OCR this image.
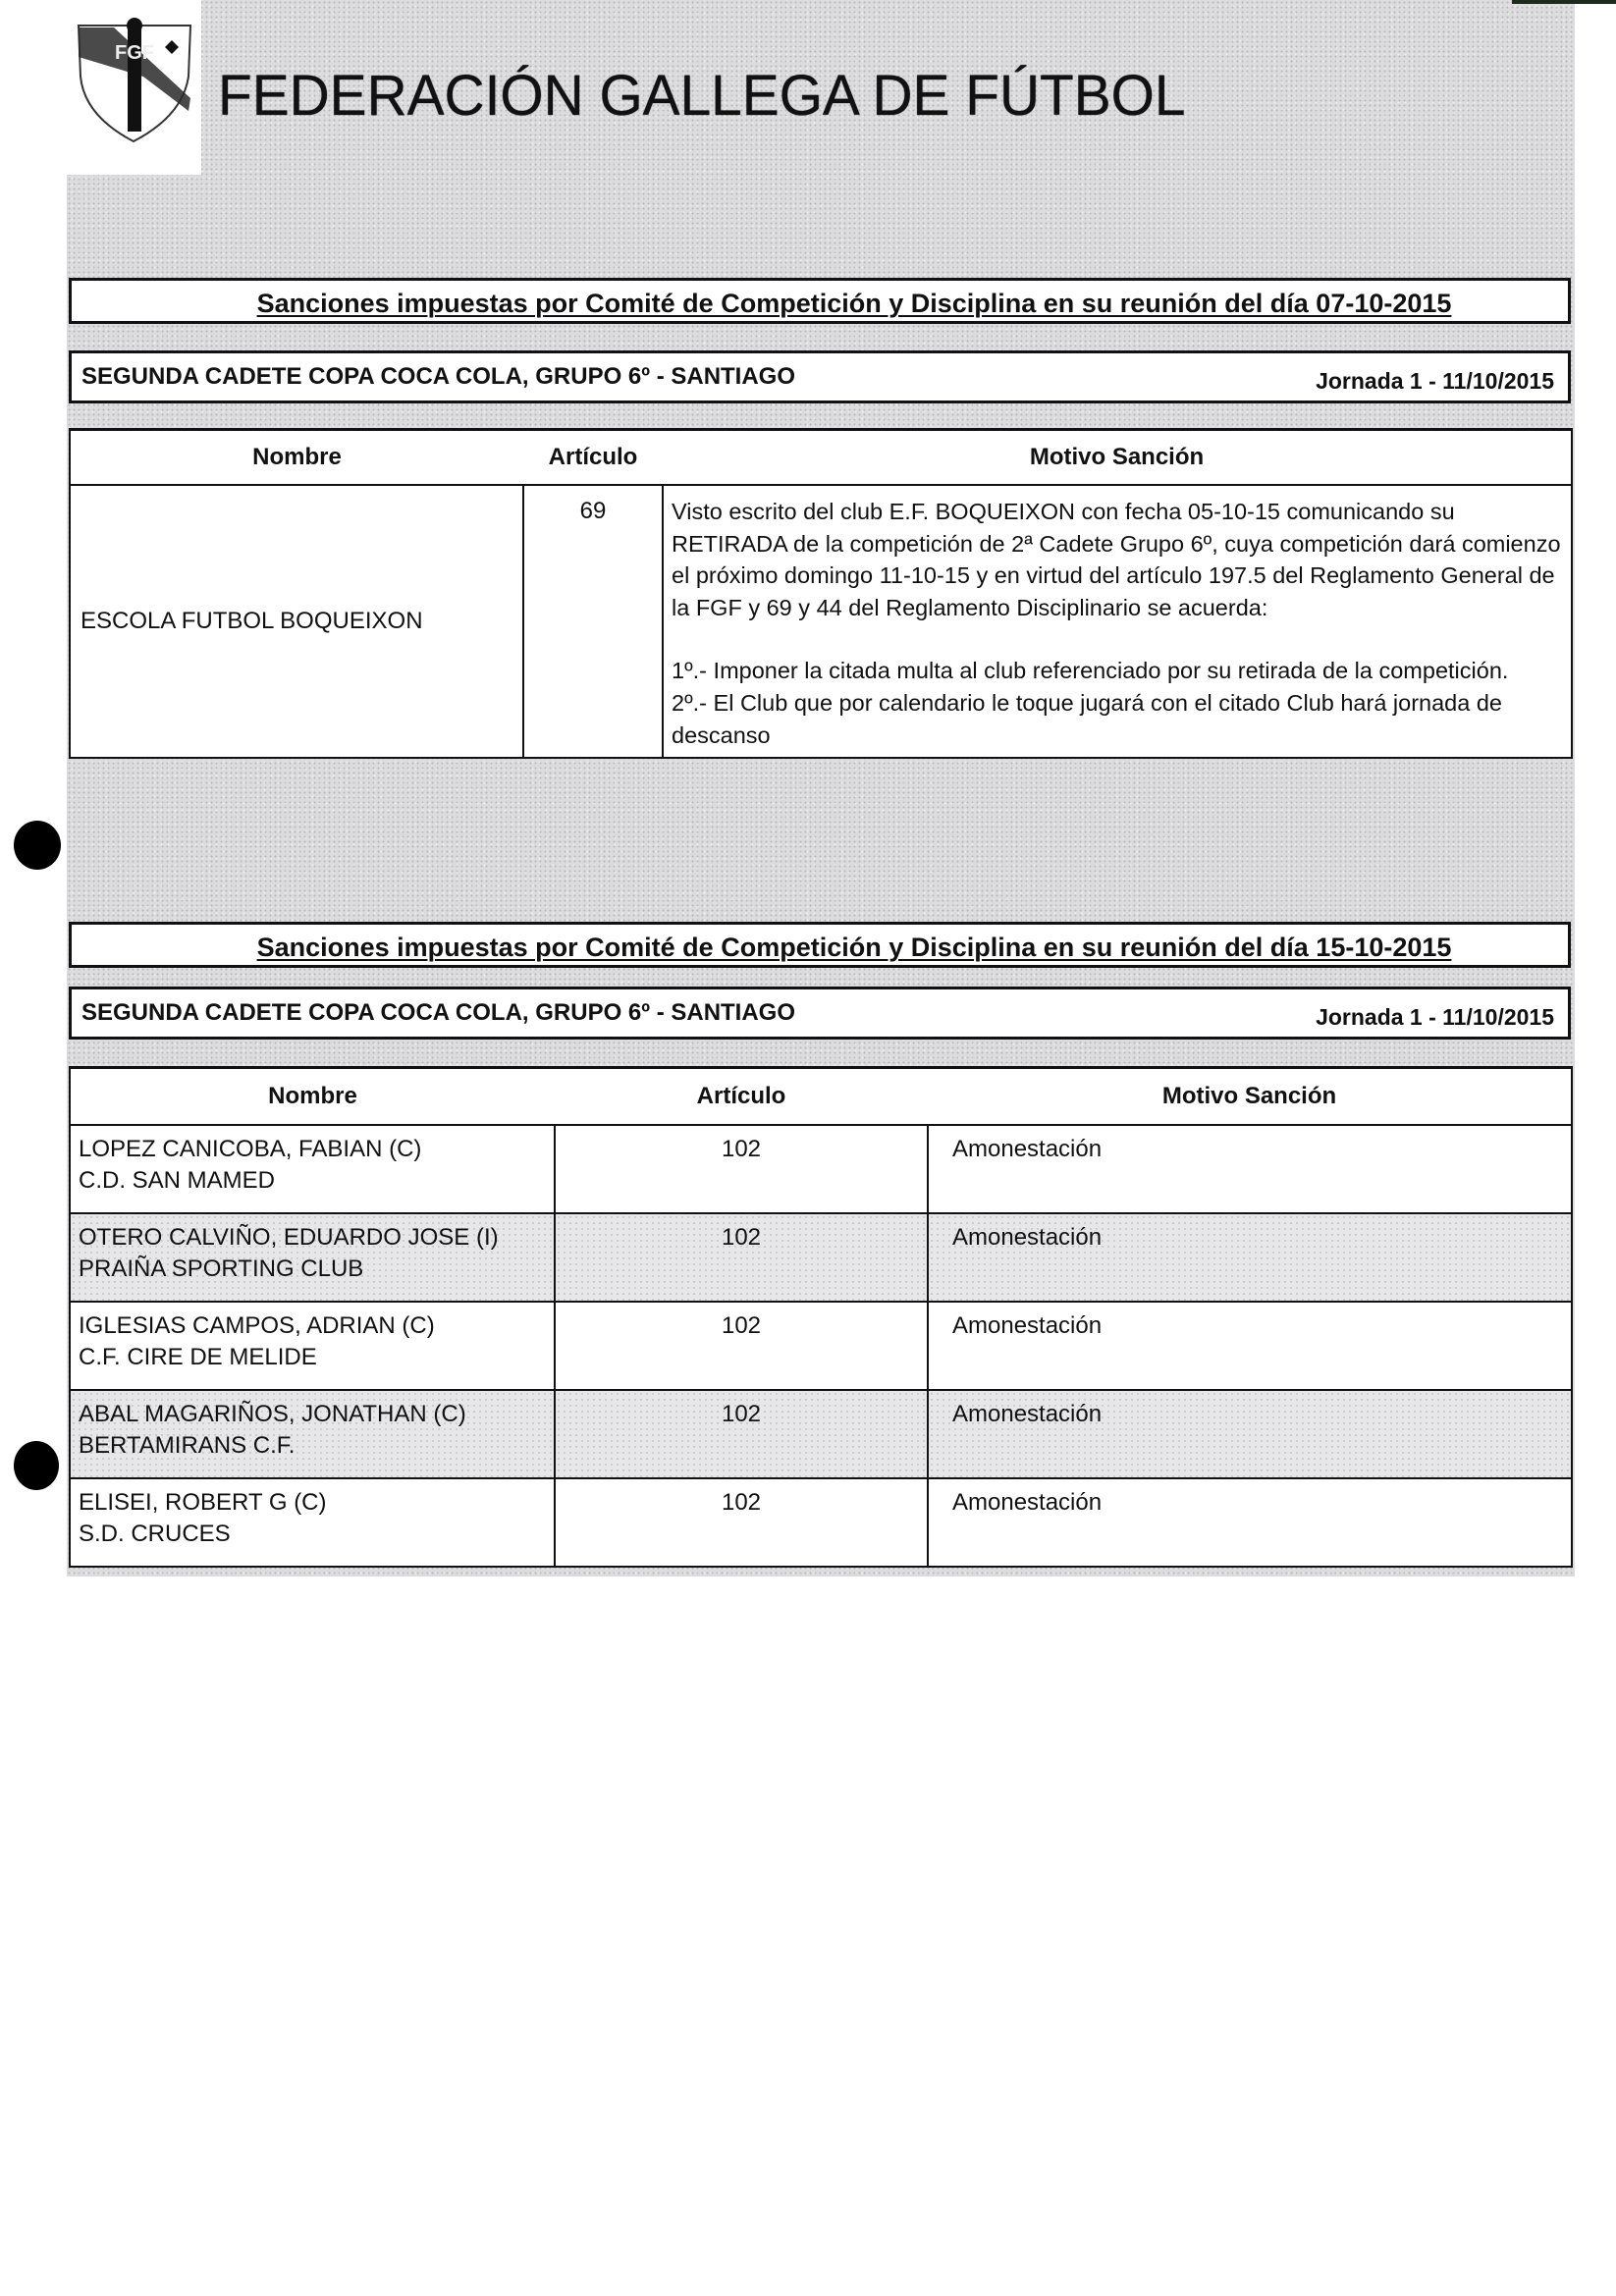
FGF
FEDERACIÓN GALLEGA DE FÚTBOL
Sanciones impuestas por Comité de Competición y Disciplina en su reunión del día 07-10-2015
SEGUNDA CADETE COPA COCA COLA, GRUPO 6º - SANTIAGO	Jornada 1 - 11/10/2015
Nombre	Artículo	Motivo Sanción
ESCOLA FUTBOL BOQUEIXON	69	Visto escrito del club E.F. BOQUEIXON con fecha 05-10-15 comunicando su RETIRADA de la competición de 2ª Cadete Grupo 6º, cuya competición dará comienzo el próximo domingo 11-10-15 y en virtud del artículo 197.5 del Reglamento General de la FGF y 69 y 44 del Reglamento Disciplinario se acuerda:

1º.- Imponer la citada multa al club referenciado por su retirada de la competición.

2º.- El Club que por calendario le toque jugará con el citado Club hará jornada de descanso

Sanciones impuestas por Comité de Competición y Disciplina en su reunión del día 15-10-2015
SEGUNDA CADETE COPA COCA COLA, GRUPO 6º - SANTIAGO	Jornada 1 - 11/10/2015
Nombre	Artículo	Motivo Sanción

LOPEZ CANICOBA, FABIAN (C)
C.D. SAN MAMED	102	Amonestación

OTERO CALVIÑO, EDUARDO JOSE (I)
PRAIÑA SPORTING CLUB	102	Amonestación

IGLESIAS CAMPOS, ADRIAN (C)
C.F. CIRE DE MELIDE	102	Amonestación

ABAL MAGARIÑOS, JONATHAN (C)
BERTAMIRANS C.F.	102	Amonestación

ELISEI, ROBERT G (C)
S.D. CRUCES	102	Amonestación
